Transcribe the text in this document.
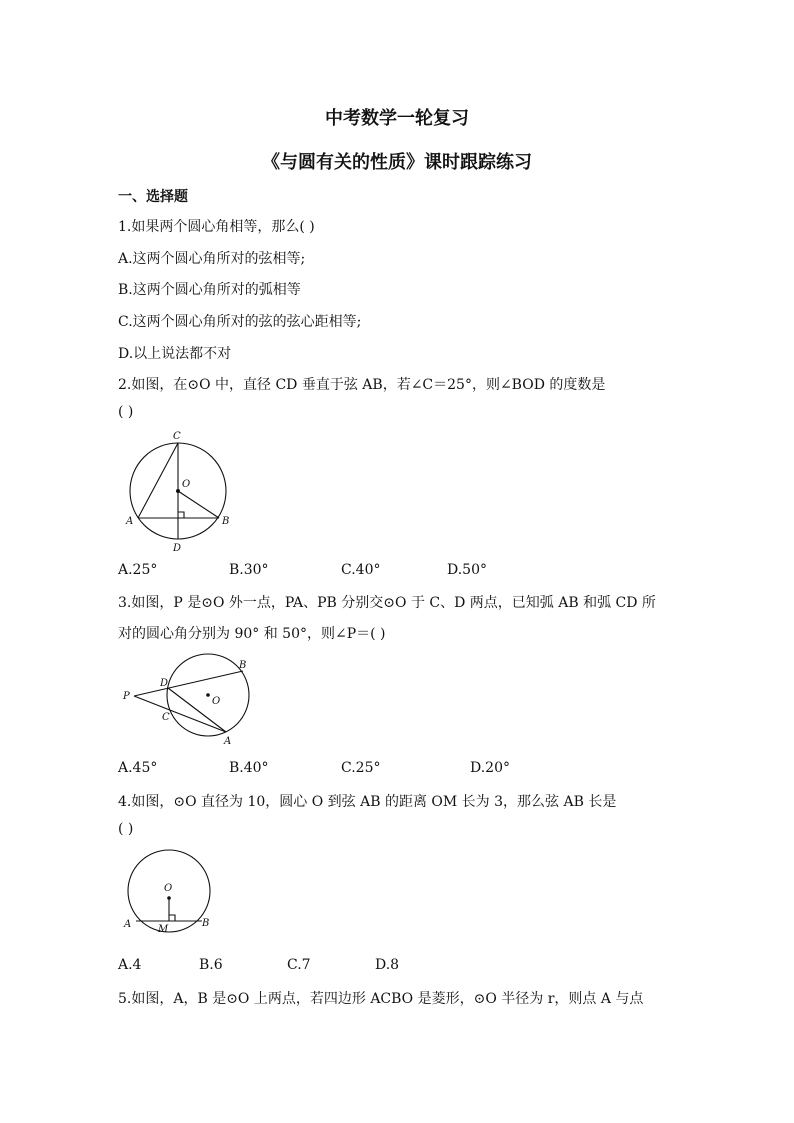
中考数学一轮复习
《与圆有关的性质》课时跟踪练习
一、选择题
1.如果两个圆心角相等，那么( )
A.这两个圆心角所对的弦相等;
B.这两个圆心角所对的弧相等
C.这两个圆心角所对的弦的弦心距相等;
D.以上说法都不对
2.如图，在⊙O 中，直径 CD 垂直于弦 AB，若∠C＝25°，则∠BOD 的度数是
( )
C
O
A	B
D
A.25°	B.30°	C.40°	D.50°
3.如图，P 是⊙O 外一点，PA、PB 分别交⊙O 于 C、D 两点，已知弧 AB 和弧 CD 所
对的圆心角分别为 90° 和 50°，则∠P＝( )
P
D
C
B
O
A
A.45°	B.40°	C.25°	D.20°
4.如图，⊙O 直径为 10，圆心 O 到弦 AB 的距离 OM 长为 3，那么弦 AB 长是
( )
O
A	M
B
A.4	B.6	C.7	D.8
5.如图，A，B 是⊙O 上两点，若四边形 ACBO 是菱形，⊙O 半径为 r，则点 A 与点
